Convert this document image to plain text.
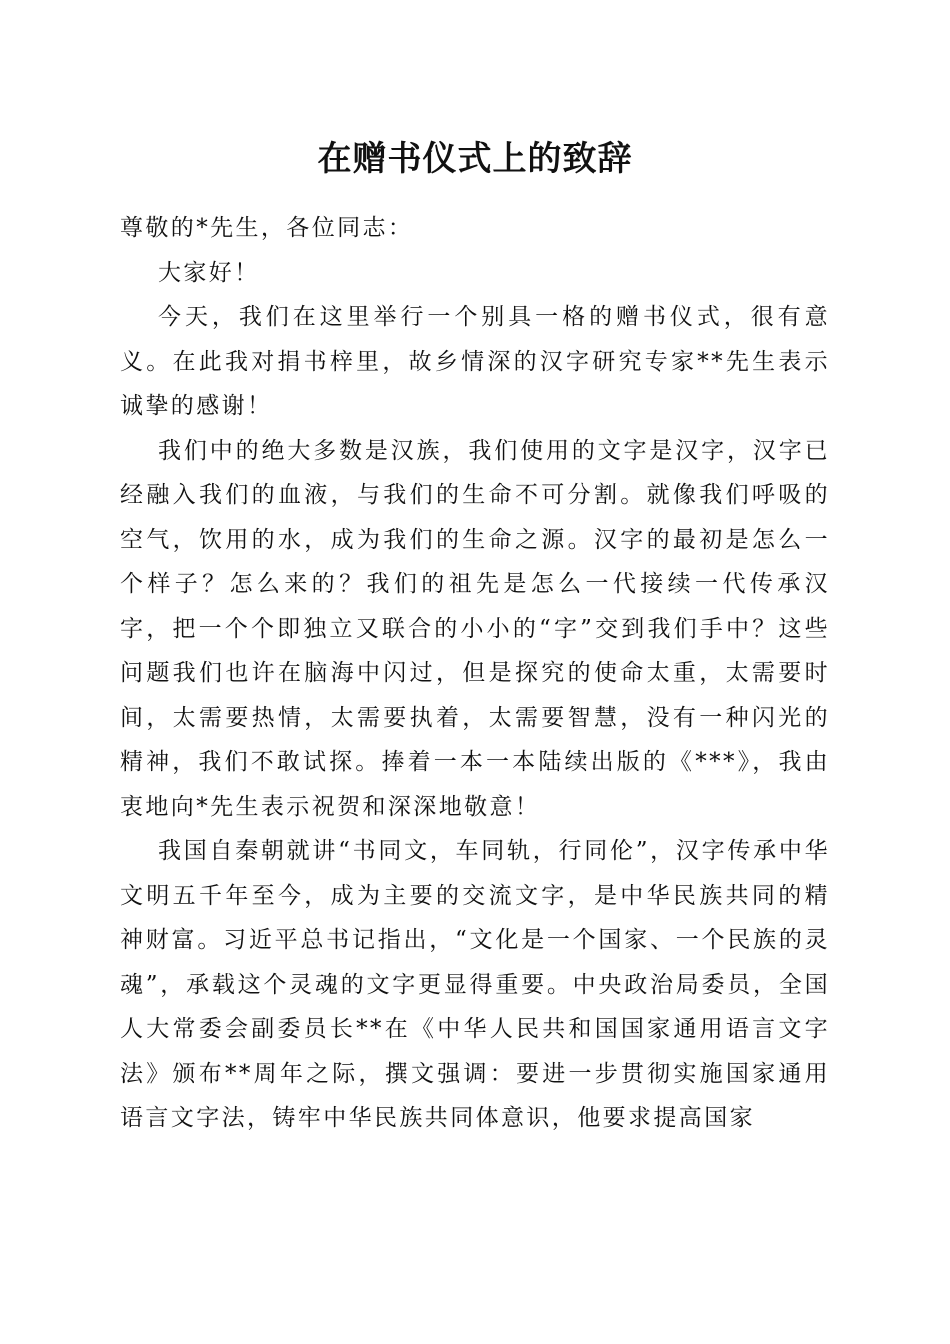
在赠书仪式上的致辞

尊敬的*先生，各位同志：

大家好！

今天，我们在这里举行一个别具一格的赠书仪式，很有意义。在此我对捐书梓里，故乡情深的汉字研究专家**先生表示诚挚的感谢！

我们中的绝大多数是汉族，我们使用的文字是汉字，汉字已经融入我们的血液，与我们的生命不可分割。就像我们呼吸的空气，饮用的水，成为我们的生命之源。汉字的最初是怎么一个样子？怎么来的？我们的祖先是怎么一代接续一代传承汉字，把一个个即独立又联合的小小的“字”交到我们手中？这些问题我们也许在脑海中闪过，但是探究的使命太重，太需要时间，太需要热情，太需要执着，太需要智慧，没有一种闪光的精神，我们不敢试探。捧着一本一本陆续出版的《***》，我由衷地向*先生表示祝贺和深深地敬意！

我国自秦朝就讲“书同文，车同轨，行同伦”，汉字传承中华文明五千年至今，成为主要的交流文字，是中华民族共同的精神财富。习近平总书记指出，“文化是一个国家、一个民族的灵魂”，承载这个灵魂的文字更显得重要。中央政治局委员，全国人大常委会副委员长**在《中华人民共和国国家通用语言文字法》颁布**周年之际，撰文强调：要进一步贯彻实施国家通用语言文字法，铸牢中华民族共同体意识，他要求提高国家
